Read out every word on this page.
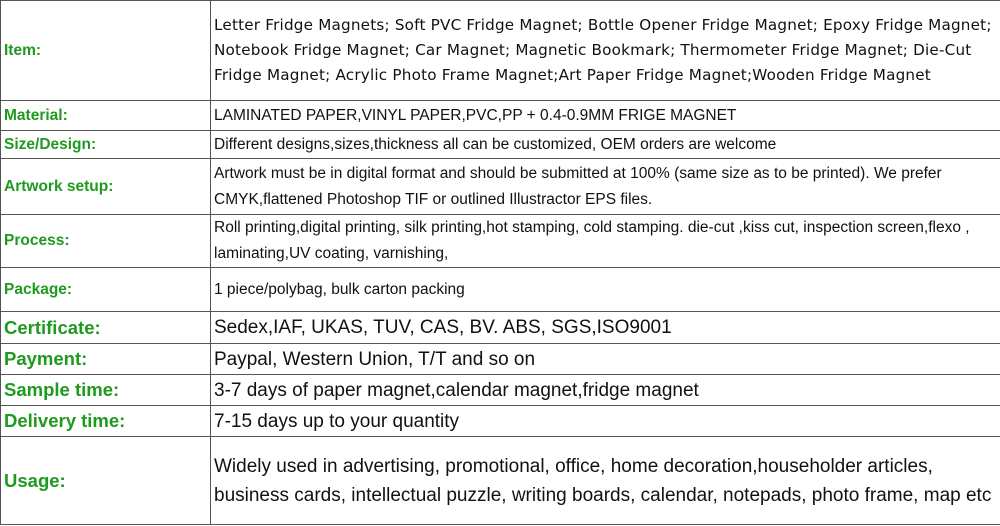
Item:	Letter Fridge Magnets; Soft PVC Fridge Magnet; Bottle Opener Fridge Magnet; Epoxy Fridge Magnet; Notebook Fridge Magnet; Car Magnet; Magnetic Bookmark; Thermometer Fridge Magnet; Die-Cut Fridge Magnet; Acrylic Photo Frame Magnet;Art Paper Fridge Magnet;Wooden Fridge Magnet
Material:	LAMINATED PAPER,VINYL PAPER,PVC,PP + 0.4-0.9MM FRIGE MAGNET
Size/Design:	Different designs,sizes,thickness all can be customized, OEM orders are welcome
Artwork setup:	Artwork must be in digital format and should be submitted at 100% (same size as to be printed). We prefer CMYK,flattened Photoshop TIF or outlined Illustractor EPS files.
Process:	Roll printing,digital printing, silk printing,hot stamping, cold stamping. die-cut ,kiss cut, inspection screen,flexo , laminating,UV coating, varnishing,
Package:	1 piece/polybag, bulk carton packing
Certificate:	Sedex,IAF, UKAS, TUV, CAS, BV. ABS, SGS,ISO9001
Payment:	Paypal, Western Union, T/T and so on
Sample time:	3-7 days of paper magnet,calendar magnet,fridge magnet
Delivery time:	7-15 days up to your quantity
Usage:	Widely used in advertising, promotional, office, home decoration,householder articles, business cards, intellectual puzzle, writing boards, calendar, notepads, photo frame, map etc
